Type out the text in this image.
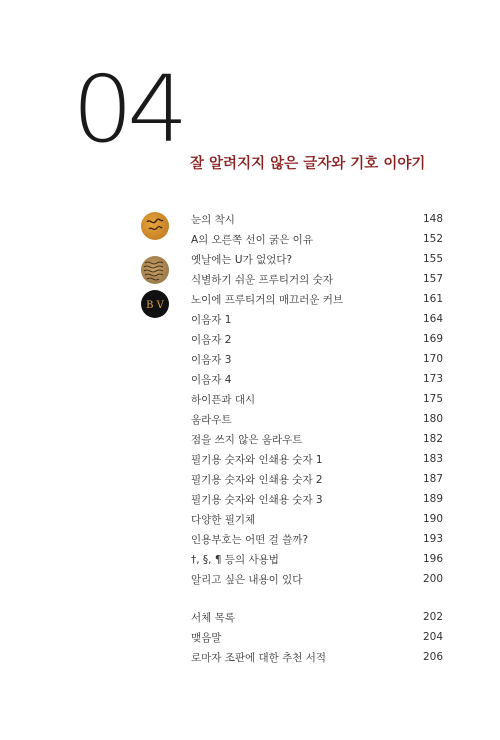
04
잘 알려지지 않은 글자와 기호 이야기
B V
눈의 착시	148
A의 오른쪽 선이 굵은 이유	152
옛날에는 U가 없었다?	155
식별하기 쉬운 프루티거의 숫자	157
노이에 프루티거의 매끄러운 커브	161
이음자 1	164
이음자 2	169
이음자 3	170
이음자 4	173
하이픈과 대시	175
움라우트	180
점을 쓰지 않은 움라우트	182
필기용 숫자와 인쇄용 숫자 1	183
필기용 숫자와 인쇄용 숫자 2	187
필기용 숫자와 인쇄용 숫자 3	189
다양한 필기체	190
인용부호는 어떤 걸 쓸까?	193
†, §, ¶ 등의 사용법	196
알리고 싶은 내용이 있다	200
서체 목록	202
맺음말	204
로마자 조판에 대한 추천 서적	206
